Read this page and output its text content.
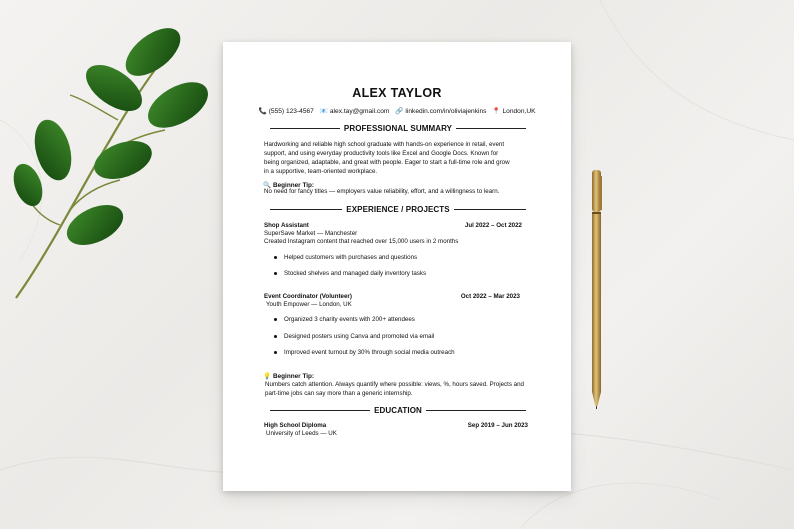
ALEX TAYLOR
📞 (555) 123-4567 📧 alex.tay@gmail.com 🔗 linkedin.com/in/oliviajenkins 📍 London,UK
PROFESSIONAL SUMMARY
Hardworking and reliable high school graduate with hands-on experience in retail, event support, and using everyday productivity tools like Excel and Google Docs. Known for being organized, adaptable, and great with people. Eager to start a full-time role and grow in a supportive, team-oriented workplace.
🔍 Beginner Tip:
No need for fancy titles — employers value reliability, effort, and a willingness to learn.
EXPERIENCE / PROJECTS
Shop Assistant	Jul 2022 – Oct 2022
SuperSave Market — Manchester
Created Instagram content that reached over 15,000 users in 2 months
Helped customers with purchases and questions
Stocked shelves and managed daily inventory tasks
Event Coordinator (Volunteer)	Oct 2022 – Mar 2023
Youth Empower — London, UK
Organized 3 charity events with 200+ attendees
Designed posters using Canva and promoted via email
Improved event turnout by 30% through social media outreach
💡 Beginner Tip:
Numbers catch attention. Always quantify where possible: views, %, hours saved. Projects and part-time jobs can say more than a generic internship.
EDUCATION
High School Diploma	Sep 2019 – Jun 2023
University of Leeds — UK
